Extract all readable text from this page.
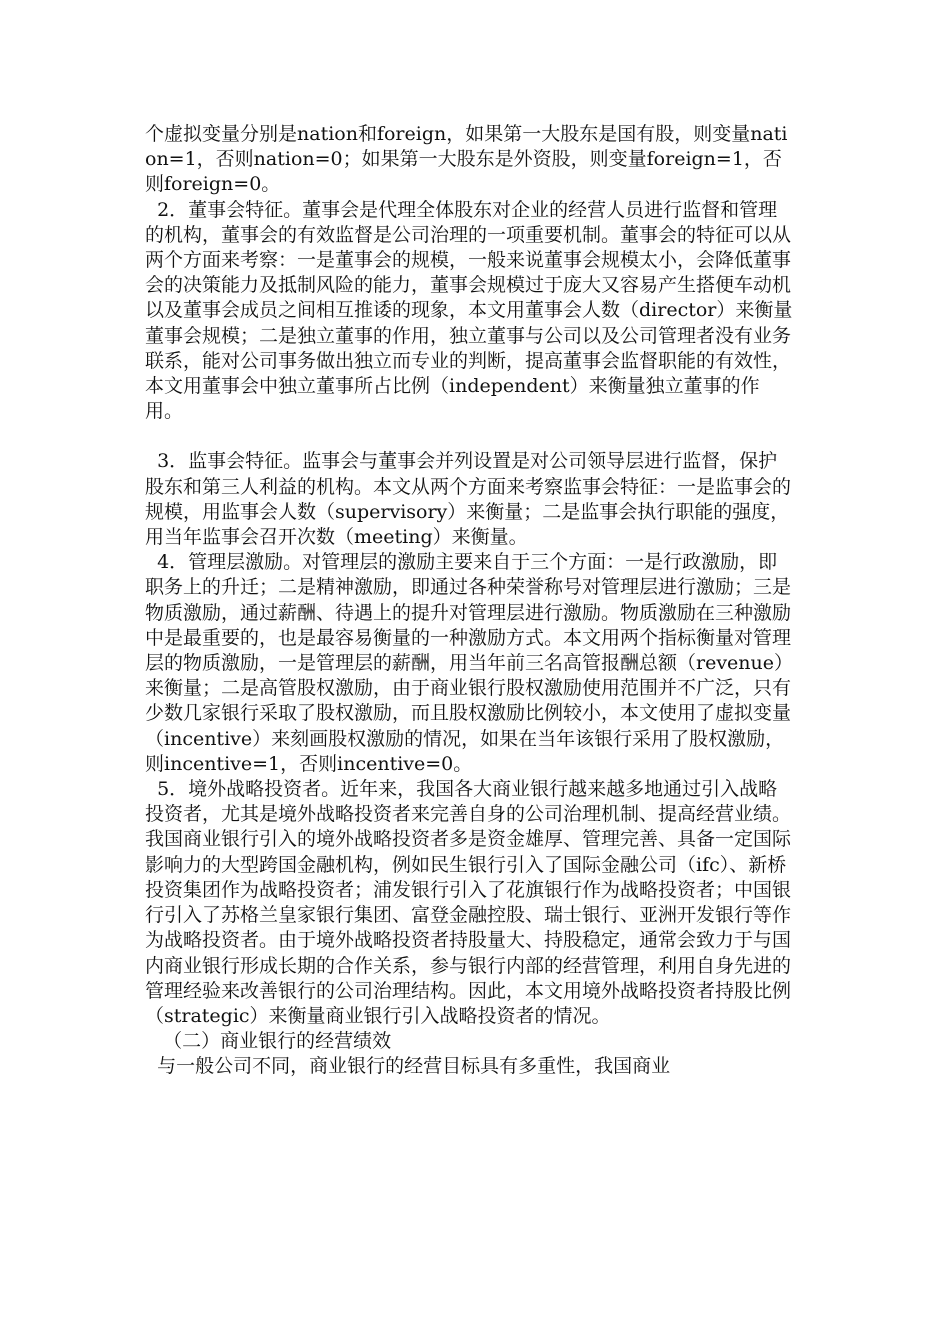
个虚拟变量分别是nation和foreign，如果第一大股东是国有股，则变量nation=1，否则nation=0；如果第一大股东是外资股，则变量foreign=1，否则foreign=0。

2．董事会特征。董事会是代理全体股东对企业的经营人员进行监督和管理的机构，董事会的有效监督是公司治理的一项重要机制。董事会的特征可以从两个方面来考察：一是董事会的规模，一般来说董事会规模太小，会降低董事会的决策能力及抵制风险的能力，董事会规模过于庞大又容易产生搭便车动机以及董事会成员之间相互推诿的现象，本文用董事会人数（director）来衡量董事会规模；二是独立董事的作用，独立董事与公司以及公司管理者没有业务联系，能对公司事务做出独立而专业的判断，提高董事会监督职能的有效性，本文用董事会中独立董事所占比例（independent）来衡量独立董事的作用。

3．监事会特征。监事会与董事会并列设置是对公司领导层进行监督，保护股东和第三人利益的机构。本文从两个方面来考察监事会特征：一是监事会的规模，用监事会人数（supervisory）来衡量；二是监事会执行职能的强度，用当年监事会召开次数（meeting）来衡量。

4．管理层激励。对管理层的激励主要来自于三个方面：一是行政激励，即职务上的升迁；二是精神激励，即通过各种荣誉称号对管理层进行激励；三是物质激励，通过薪酬、待遇上的提升对管理层进行激励。物质激励在三种激励中是最重要的，也是最容易衡量的一种激励方式。本文用两个指标衡量对管理层的物质激励，一是管理层的薪酬，用当年前三名高管报酬总额（revenue）来衡量；二是高管股权激励，由于商业银行股权激励使用范围并不广泛，只有少数几家银行采取了股权激励，而且股权激励比例较小，本文使用了虚拟变量（incentive）来刻画股权激励的情况，如果在当年该银行采用了股权激励，则incentive=1，否则incentive=0。

5．境外战略投资者。近年来，我国各大商业银行越来越多地通过引入战略投资者，尤其是境外战略投资者来完善自身的公司治理机制、提高经营业绩。我国商业银行引入的境外战略投资者多是资金雄厚、管理完善、具备一定国际影响力的大型跨国金融机构，例如民生银行引入了国际金融公司（ifc）、新桥投资集团作为战略投资者；浦发银行引入了花旗银行作为战略投资者；中国银行引入了苏格兰皇家银行集团、富登金融控股、瑞士银行、亚洲开发银行等作为战略投资者。由于境外战略投资者持股量大、持股稳定，通常会致力于与国内商业银行形成长期的合作关系，参与银行内部的经营管理，利用自身先进的管理经验来改善银行的公司治理结构。因此，本文用境外战略投资者持股比例（strategic）来衡量商业银行引入战略投资者的情况。

（二）商业银行的经营绩效

与一般公司不同，商业银行的经营目标具有多重性，我国商业
